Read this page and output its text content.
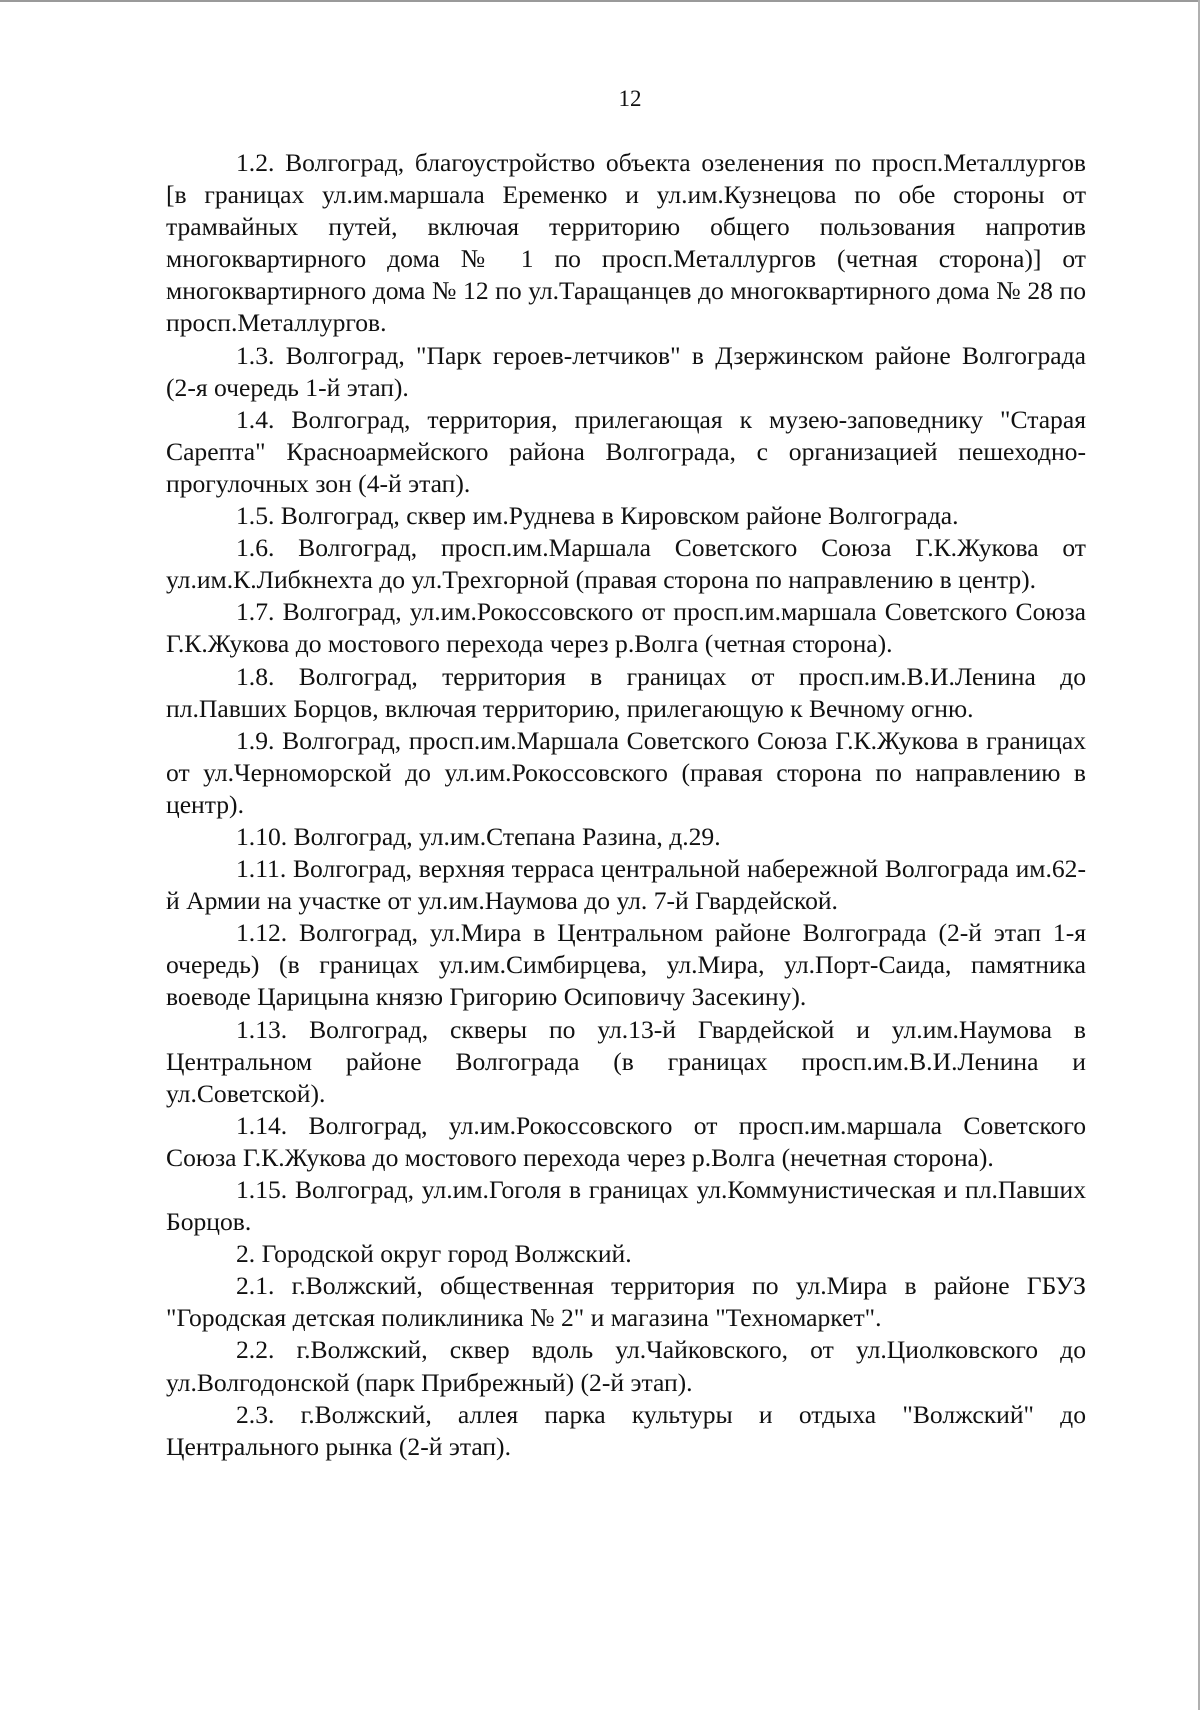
12

1.2. Волгоград, благоустройство объекта озеленения по просп.Металлургов [в границах ул.им.маршала Еременко и ул.им.Кузнецова по обе стороны от трамвайных путей, включая территорию общего пользования напротив многоквартирного дома № 1 по просп.Металлургов (четная сторона)] от многоквартирного дома № 12 по ул.Таращанцев до многоквартирного дома № 28 по просп.Металлургов.

1.3. Волгоград, "Парк героев-летчиков" в Дзержинском районе Волгограда (2-я очередь 1-й этап).

1.4. Волгоград, территория, прилегающая к музею-заповеднику "Старая Сарепта" Красноармейского района Волгограда, с организацией пешеходно-прогулочных зон (4-й этап).

1.5. Волгоград, сквер им.Руднева в Кировском районе Волгограда.

1.6. Волгоград, просп.им.Маршала Советского Союза Г.К.Жукова от ул.им.К.Либкнехта до ул.Трехгорной (правая сторона по направлению в центр).

1.7. Волгоград, ул.им.Рокоссовского от просп.им.маршала Советского Союза Г.К.Жукова до мостового перехода через р.Волга (четная сторона).

1.8. Волгоград, территория в границах от просп.им.В.И.Ленина до пл.Павших Борцов, включая территорию, прилегающую к Вечному огню.

1.9. Волгоград, просп.им.Маршала Советского Союза Г.К.Жукова в границах от ул.Черноморской до ул.им.Рокоссовского (правая сторона по направлению в центр).

1.10. Волгоград, ул.им.Степана Разина, д.29.

1.11. Волгоград, верхняя терраса центральной набережной Волгограда им.62-й Армии на участке от ул.им.Наумова до ул. 7-й Гвардейской.

1.12. Волгоград, ул.Мира в Центральном районе Волгограда (2-й этап 1-я очередь) (в границах ул.им.Симбирцева, ул.Мира, ул.Порт-Саида, памятника воеводе Царицына князю Григорию Осиповичу Засекину).

1.13. Волгоград, скверы по ул.13-й Гвардейской и ул.им.Наумова в Центральном районе Волгограда (в границах просп.им.В.И.Ленина и ул.Советской).

1.14. Волгоград, ул.им.Рокоссовского от просп.им.маршала Советского Союза Г.К.Жукова до мостового перехода через р.Волга (нечетная сторона).

1.15. Волгоград, ул.им.Гоголя в границах ул.Коммунистическая и пл.Павших Борцов.

2. Городской округ город Волжский.

2.1. г.Волжский, общественная территория по ул.Мира в районе ГБУЗ "Городская детская поликлиника № 2" и магазина "Техномаркет".

2.2. г.Волжский, сквер вдоль ул.Чайковского, от ул.Циолковского до ул.Волгодонской (парк Прибрежный) (2-й этап).

2.3. г.Волжский, аллея парка культуры и отдыха "Волжский" до Центрального рынка (2-й этап).
